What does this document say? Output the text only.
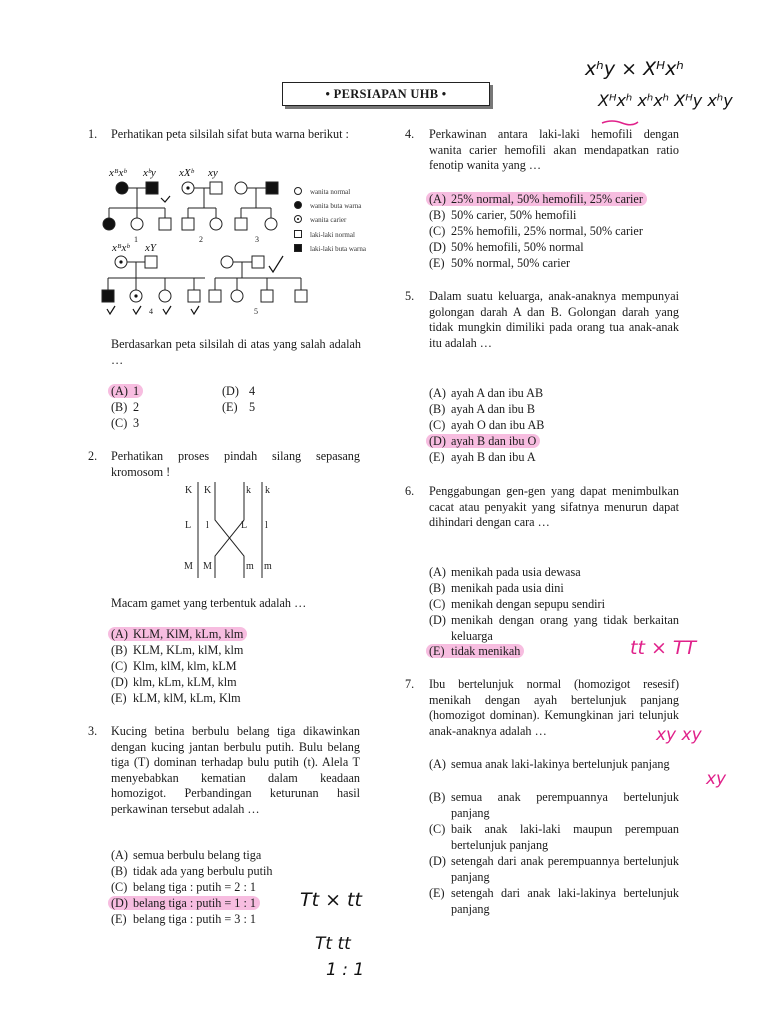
• PERSIAPAN UHB •
xʰy × Xᴴxʰ
Xᴴxʰ xʰxʰ Xᴴy xʰy
1.	Perhatikan peta silsilah sifat buta warna berikut :
wanita normal
wanita buta warna
wanita carier
laki-laki normal
laki-laki buta warna
1	2	3
4	5
xᴮxᵇ xᵇy xXᵇ xy
xᴮxᵇ xY
Berdasarkan peta silsilah di atas yang salah adalah …
(A) 1
(B) 2
(C) 3
(D) 4
(E) 5
2.	Perhatikan proses pindah silang sepasang kromosom !
K
L
M
K
l
M
k
L
m
k
l
m
Macam gamet yang terbentuk adalah …
(A) KLM, KlM, kLm, klm
(B) KLM, KLm, klM, klm
(C) Klm, klM, klm, kLM
(D) klm, kLm, kLM, klm
(E) kLM, klM, kLm, Klm
3.	Kucing betina berbulu belang tiga dikawinkan dengan kucing jantan berbulu putih. Bulu belang tiga (T) dominan terhadap bulu putih (t). Alela T menyebabkan kematian dalam keadaan homozigot. Perbandingan keturunan hasil perkawinan tersebut adalah …
(A) semua berbulu belang tiga
(B) tidak ada yang berbulu putih
(C) belang tiga : putih = 2 : 1
(D) belang tiga : putih = 1 : 1
(E) belang tiga : putih = 3 : 1
Tt × tt
Tt tt
1 : 1
4.	Perkawinan antara laki-laki hemofili dengan wanita carier hemofili akan mendapatkan ratio fenotip wanita yang …
(A) 25% normal, 50% hemofili, 25% carier
(B) 50% carier, 50% hemofili
(C) 25% hemofili, 25% normal, 50% carier
(D) 50% hemofili, 50% normal
(E) 50% normal, 50% carier
5.	Dalam suatu keluarga, anak-anaknya mempunyai golongan darah A dan B. Golongan darah yang tidak mungkin dimiliki pada orang tua anak-anak itu adalah …
(A) ayah A dan ibu AB
(B) ayah A dan ibu B
(C) ayah O dan ibu AB
(D) ayah B dan ibu O
(E) ayah B dan ibu A
6.	Penggabungan gen-gen yang dapat menimbulkan cacat atau penyakit yang sifatnya menurun dapat dihindari dengan cara …
(A) menikah pada usia dewasa
(B) menikah pada usia dini
(C) menikah dengan sepupu sendiri
(D) menikah dengan orang yang tidak berkaitan keluarga
(E) tidak menikah	tt × TT
7.	Ibu bertelunjuk normal (homozigot resesif) menikah dengan ayah bertelunjuk panjang (homozigot dominan). Kemungkinan jari telunjuk anak-anaknya adalah …	xy xy
xy
(A) semua anak laki-lakinya bertelunjuk panjang
(B) semua anak perempuannya bertelunjuk panjang
(C) baik anak laki-laki maupun perempuan bertelunjuk panjang
(D) setengah dari anak perempuannya bertelunjuk panjang
(E) setengah dari anak laki-lakinya bertelunjuk panjang
